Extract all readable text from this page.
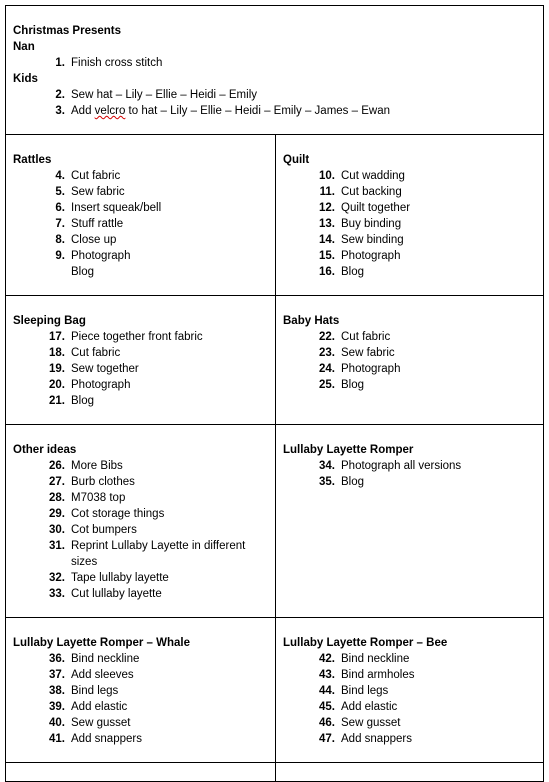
Christmas Presents

Nan

1. Finish cross stitch

Kids

2. Sew hat – Lily – Ellie – Heidi – Emily
3. Add velcro to hat – Lily – Ellie – Heidi – Emily – James – Ewan

Rattles

4. Cut fabric
5. Sew fabric
6. Insert squeak/bell
7. Stuff rattle
8. Close up
9. Photograph
Blog

Quilt

10. Cut wadding
11. Cut backing
12. Quilt together
13. Buy binding
14. Sew binding
15. Photograph
16. Blog

Sleeping Bag

17. Piece together front fabric
18. Cut fabric
19. Sew together
20. Photograph
21. Blog

Baby Hats

22. Cut fabric
23. Sew fabric
24. Photograph
25. Blog

Other ideas

26. More Bibs
27. Burb clothes
28. M7038 top
29. Cot storage things
30. Cot bumpers
31. Reprint Lullaby Layette in different sizes
32. Tape lullaby layette
33. Cut lullaby layette

Lullaby Layette Romper

34. Photograph all versions
35. Blog

Lullaby Layette Romper – Whale

36. Bind neckline
37. Add sleeves
38. Bind legs
39. Add elastic
40. Sew gusset
41. Add snappers

Lullaby Layette Romper – Bee

42. Bind neckline
43. Bind armholes
44. Bind legs
45. Add elastic
46. Sew gusset
47. Add snappers
